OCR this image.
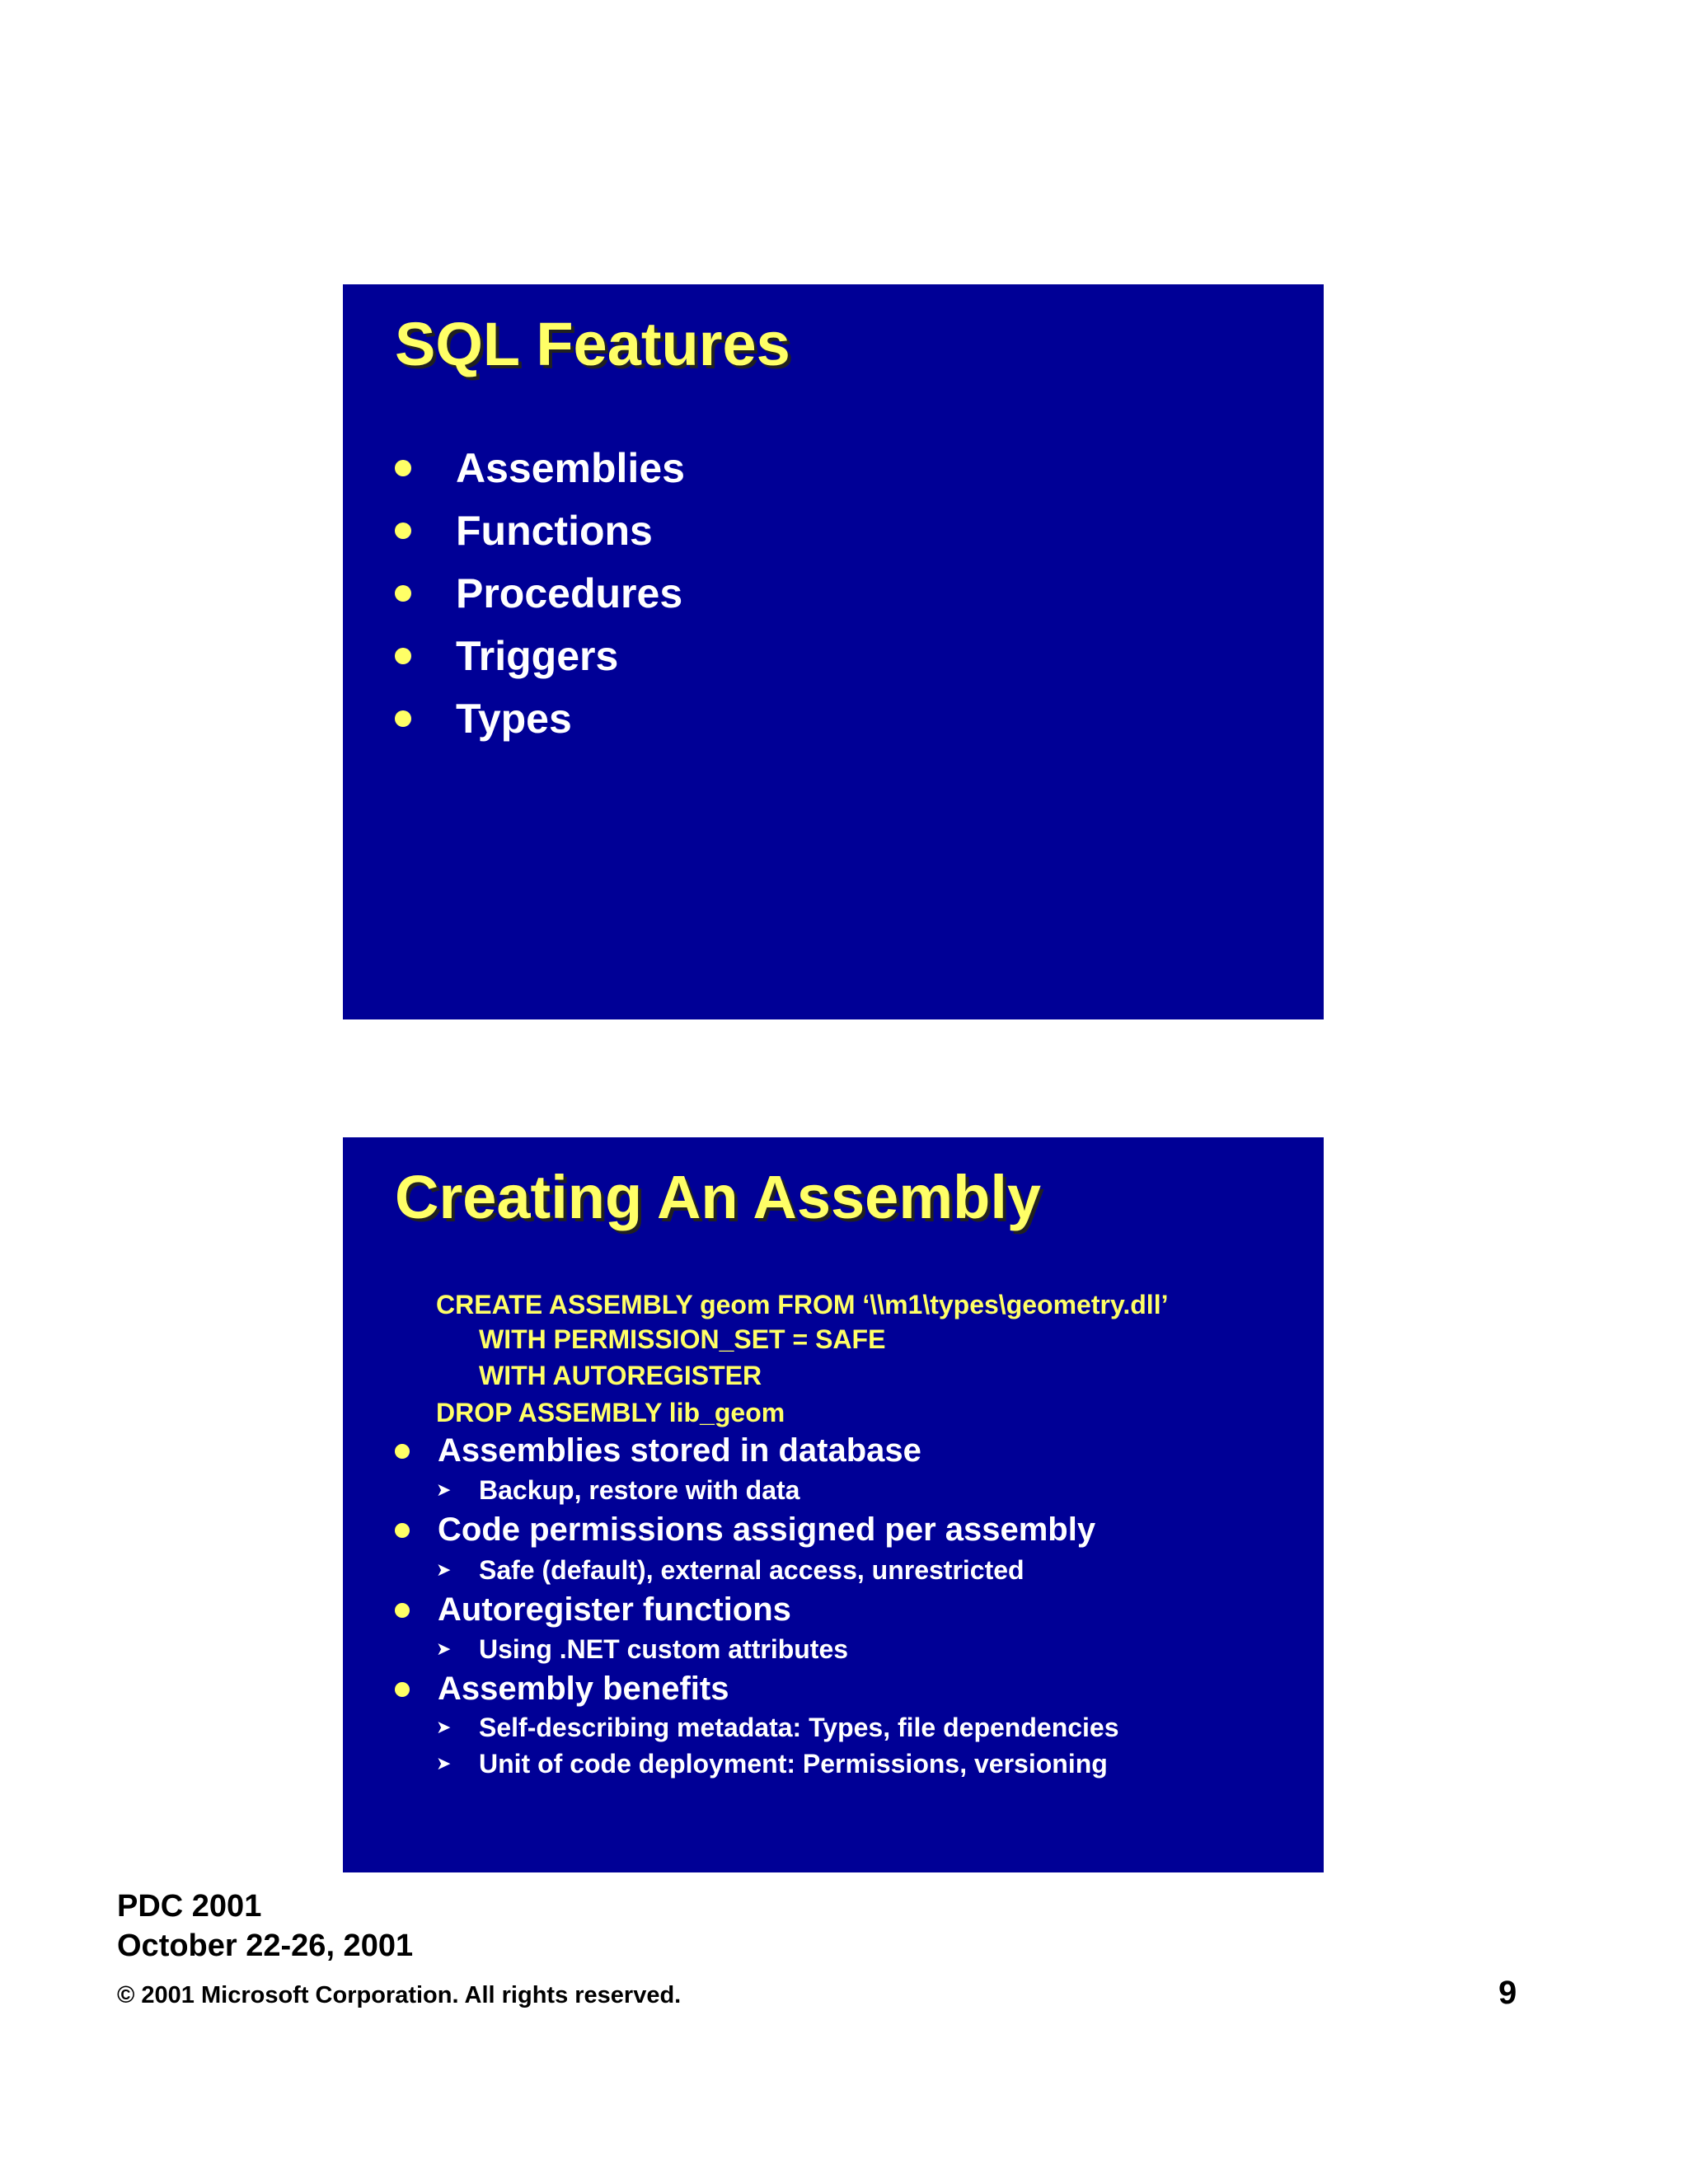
SQL Features
Assemblies
Functions
Procedures
Triggers
Types
Creating An Assembly

CREATE ASSEMBLY geom FROM ‘\\m1\types\geometry.dll’

WITH PERMISSION_SET = SAFE

WITH AUTOREGISTER

DROP ASSEMBLY lib_geom

Assemblies stored in database
➤	Backup, restore with data
Code permissions assigned per assembly
➤	Safe (default), external access, unrestricted
Autoregister functions
➤	Using .NET custom attributes
Assembly benefits
➤	Self-describing metadata: Types, file dependencies
➤	Unit of code deployment: Permissions, versioning

PDC 2001

October 22-26, 2001

© 2001 Microsoft Corporation. All rights reserved.	9
